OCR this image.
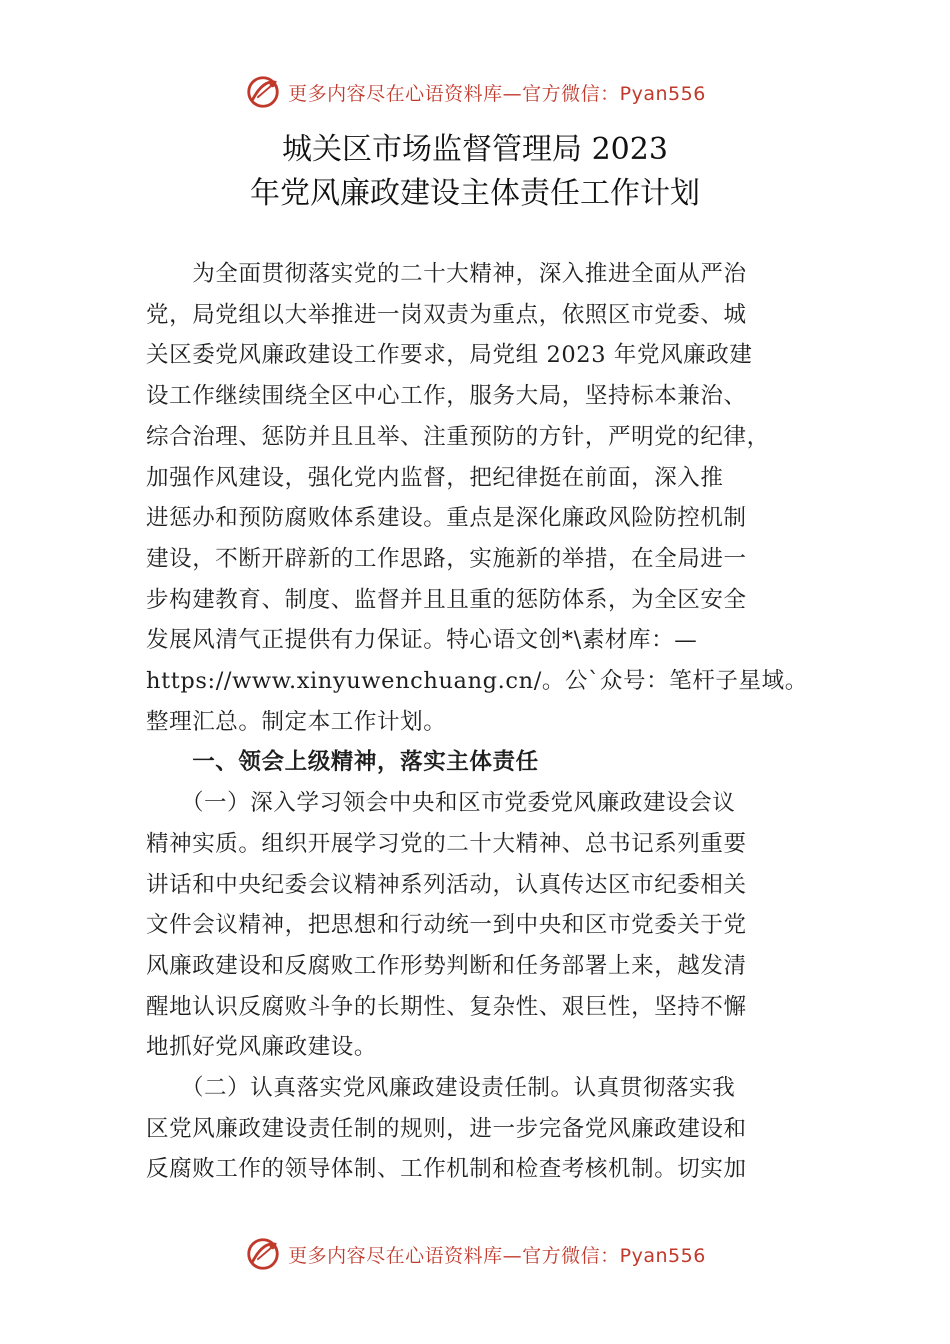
更多内容尽在心语资料库—官方微信：Pyan556
城关区市场监督管理局 2023
年党风廉政建设主体责任工作计划
　　为全面贯彻落实党的二十大精神，深入推进全面从严治
党，局党组以大举推进一岗双责为重点，依照区市党委、城
关区委党风廉政建设工作要求，局党组 2023 年党风廉政建
设工作继续围绕全区中心工作，服务大局，坚持标本兼治、
综合治理、惩防并且且举、注重预防的方针，严明党的纪律，
加强作风建设，强化党内监督，把纪律挺在前面，深入推
进惩办和预防腐败体系建设。重点是深化廉政风险防控机制
建设，不断开辟新的工作思路，实施新的举措，在全局进一
步构建教育、制度、监督并且且重的惩防体系，为全区安全
发展风清气正提供有力保证。特心语文创*\素材库：—
https://www.xinyuwenchuang.cn/。公`众号：笔杆子星域。
整理汇总。制定本工作计划。
　　一、领会上级精神，落实主体责任
　　（一）深入学习领会中央和区市党委党风廉政建设会议
精神实质。组织开展学习党的二十大精神、总书记系列重要
讲话和中央纪委会议精神系列活动，认真传达区市纪委相关
文件会议精神，把思想和行动统一到中央和区市党委关于党
风廉政建设和反腐败工作形势判断和任务部署上来，越发清
醒地认识反腐败斗争的长期性、复杂性、艰巨性，坚持不懈
地抓好党风廉政建设。
　　（二）认真落实党风廉政建设责任制。认真贯彻落实我
区党风廉政建设责任制的规则，进一步完备党风廉政建设和
反腐败工作的领导体制、工作机制和检查考核机制。切实加
更多内容尽在心语资料库—官方微信：Pyan556
